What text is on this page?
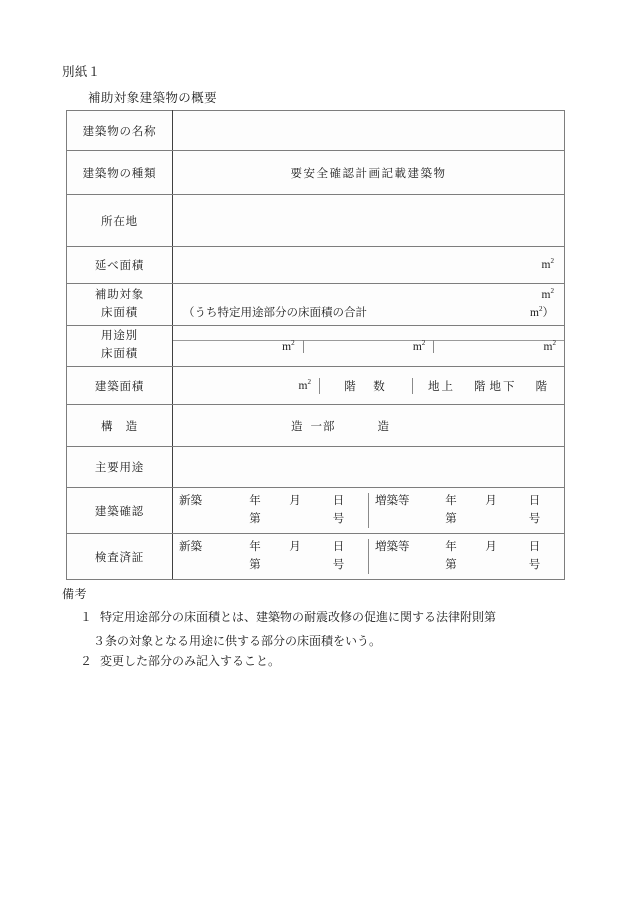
別紙１
補助対象建築物の概要
建築物の名称	
建築物の種類	要安全確認計画記載建築物
所在地	
延べ面積	$m^2$

補助対象
床面積

$m^2$
（うち特定用途部分の床面積の合計	$m^2$）

用途別
床面積

$m^2$	$m^2$	$m^2$

建築面積	$m^2$	階　数	地上 階 地下 階

構　造	造 一部 造

主要用途	
建築確認	
新築	年	月	日
第	号
増築等	年	月	日
第	号

検査済証	
新築	年	月	日
第	号
増築等	年	月	日
第	号
備考
１ 特定用途部分の床面積とは、建築物の耐震改修の促進に関する法律附則第
３条の対象となる用途に供する部分の床面積をいう。
２ 変更した部分のみ記入すること。
